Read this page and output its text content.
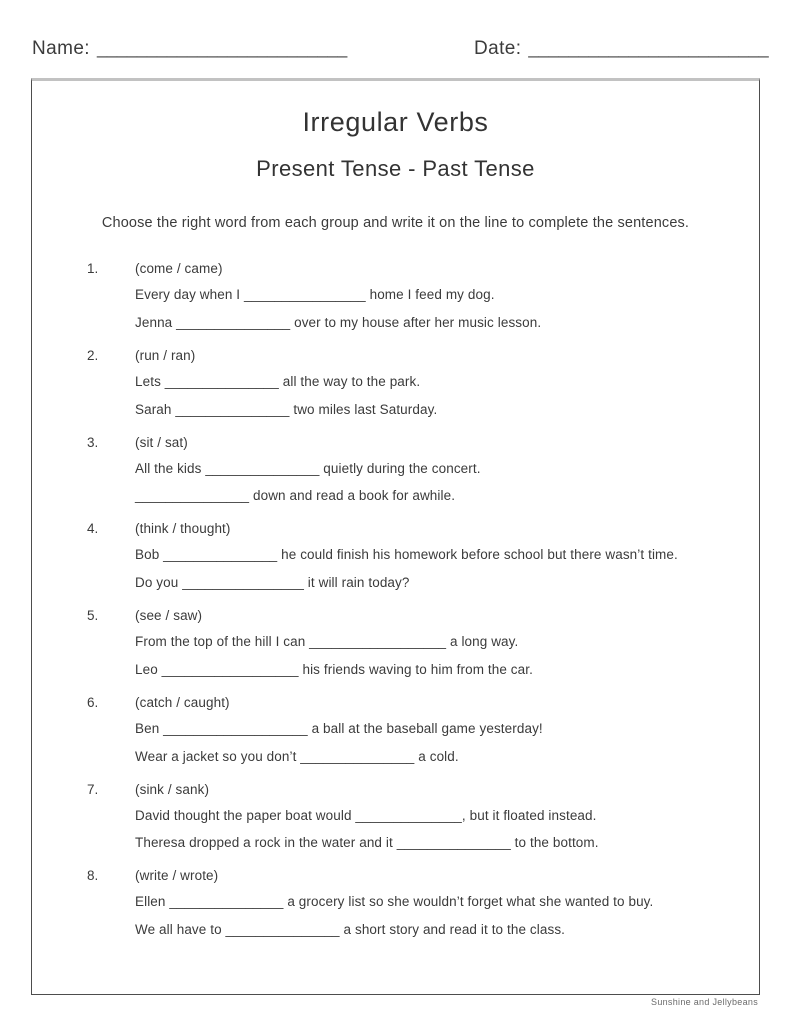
Name: _________________________	Date: ________________________
Irregular Verbs
Present Tense - Past Tense

Choose the right word from each group and write it on the line to complete the sentences.

1.	(come / came)
Every day when I ________________ home I feed my dog.
Jenna _______________ over to my house after her music lesson.
2.	(run / ran)
Lets _______________ all the way to the park.
Sarah _______________ two miles last Saturday.
3.	(sit / sat)
All the kids _______________ quietly during the concert.
_______________ down and read a book for awhile.
4.	(think / thought)
Bob _______________ he could finish his homework before school but there wasn’t time.
Do you ________________ it will rain today?
5.	(see / saw)
From the top of the hill I can __________________ a long way.
Leo __________________ his friends waving to him from the car.
6.	(catch / caught)
Ben ___________________ a ball at the baseball game yesterday!
Wear a jacket so you don’t _______________ a cold.
7.	(sink / sank)
David thought the paper boat would ______________, but it floated instead.
Theresa dropped a rock in the water and it _______________ to the bottom.
8.	(write / wrote)
Ellen _______________ a grocery list so she wouldn’t forget what she wanted to buy.
We all have to _______________ a short story and read it to the class.
Sunshine and Jellybeans
